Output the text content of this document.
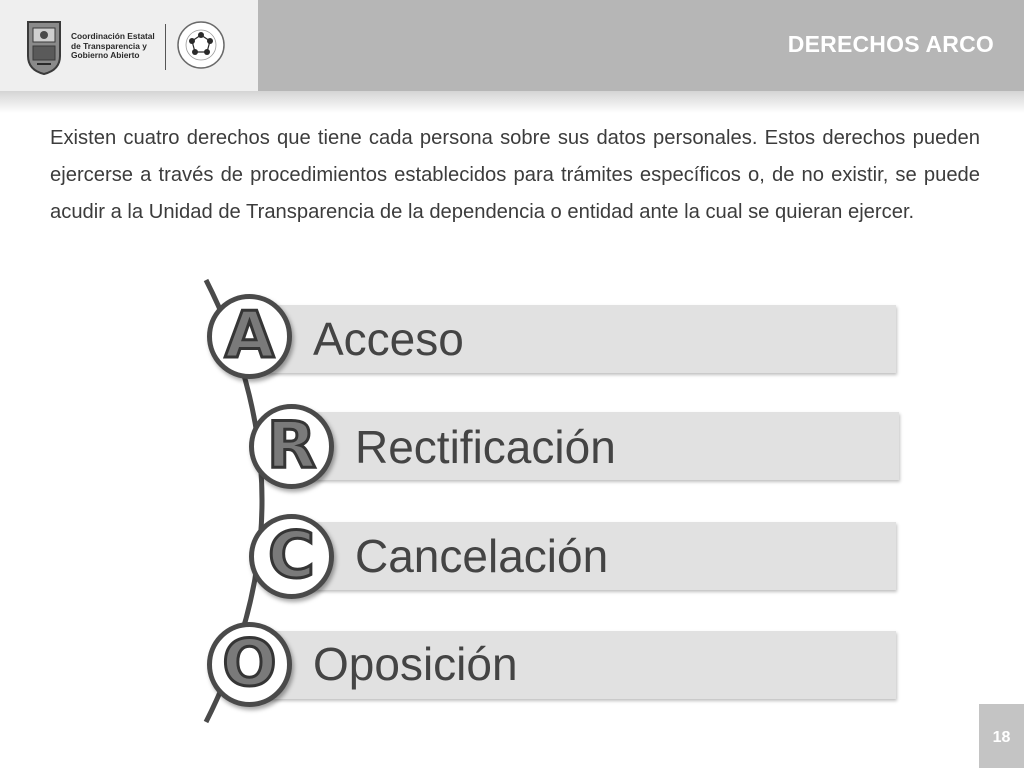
Coordinación Estatal
de Transparencia y
Gobierno Abierto	DERECHOS ARCO

Existen cuatro derechos que tiene cada persona sobre sus datos personales. Estos derechos pueden ejercerse a través de procedimientos establecidos para trámites específicos o, de no existir, se puede acudir a la Unidad de Transparencia de la dependencia o entidad ante la cual se quieran ejercer.

Acceso
A
Rectificación
R
Cancelación
C
Oposición
O
18
